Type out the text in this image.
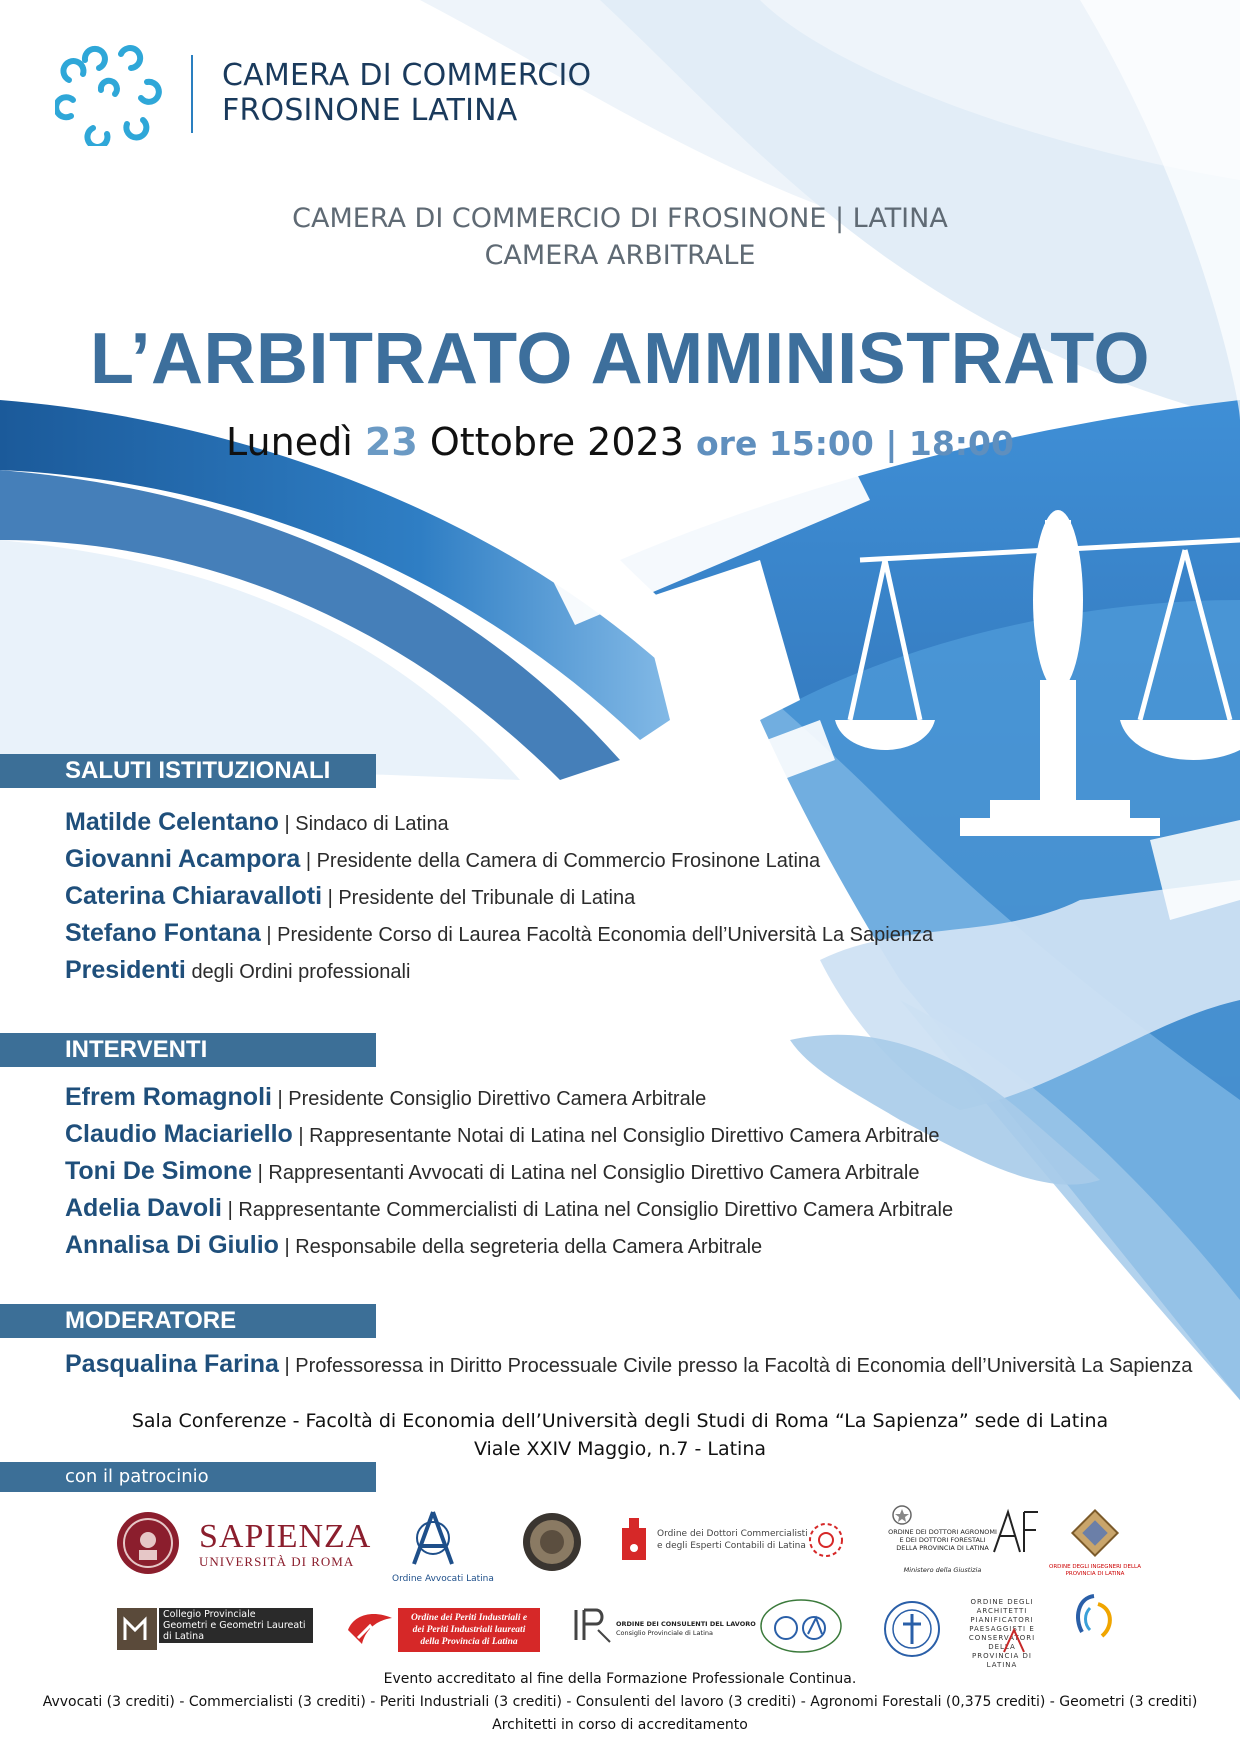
CAMERA DI COMMERCIO
FROSINONE LATINA
CAMERA DI COMMERCIO DI FROSINONE | LATINA
CAMERA ARBITRALE
L’ARBITRATO AMMINISTRATO
Lunedì 23 Ottobre 2023 ore 15:00 | 18:00
SALUTI ISTITUZIONALI
Matilde Celentano | Sindaco di Latina
Giovanni Acampora | Presidente della Camera di Commercio Frosinone Latina
Caterina Chiaravalloti | Presidente del Tribunale di Latina
Stefano Fontana | Presidente Corso di Laurea Facoltà Economia dell’Università La Sapienza
Presidenti degli Ordini professionali
INTERVENTI
Efrem Romagnoli | Presidente Consiglio Direttivo Camera Arbitrale
Claudio Maciariello | Rappresentante Notai di Latina nel Consiglio Direttivo Camera Arbitrale
Toni De Simone | Rappresentanti Avvocati di Latina nel Consiglio Direttivo Camera Arbitrale
Adelia Davoli | Rappresentante Commercialisti di Latina nel Consiglio Direttivo Camera Arbitrale
Annalisa Di Giulio | Responsabile della segreteria della Camera Arbitrale
MODERATORE
Pasqualina Farina | Professoressa in Diritto Processuale Civile presso la Facoltà di Economia dell’Università La Sapienza
Sala Conferenze - Facoltà di Economia dell’Università degli Studi di Roma “La Sapienza” sede di Latina
Viale XXIV Maggio, n.7 - Latina
con il patrocinio
SAPIENZA
UNIVERSITÀ DI ROMA
Ordine Avvocati Latina
Ordine dei Dottori Commercialisti
e degli Esperti Contabili di Latina
ORDINE DEI DOTTORI AGRONOMI
E DEI DOTTORI FORESTALI
DELLA PROVINCIA DI LATINA
Ministero della Giustizia	ORDINE DEGLI INGEGNERI DELLA PROVINCIA DI LATINA
Collegio Provinciale
Geometri e Geometri Laureati
di Latina
Ordine dei Periti Industriali e
dei Periti Industriali laureati
della Provincia di Latina
ORDINE DEI CONSULENTI DEL LAVORO
Consiglio Provinciale di Latina
ORDINE DEGLI ARCHITETTI PIANIFICATORI PAESAGGISTI E CONSERVATORI DELLA PROVINCIA DI LATINA
Evento accreditato al fine della Formazione Professionale Continua.
Avvocati (3 crediti) - Commercialisti (3 crediti) - Periti Industriali (3 crediti) - Consulenti del lavoro (3 crediti) - Agronomi Forestali (0,375 crediti) - Geometri (3 crediti)
Architetti in corso di accreditamento
